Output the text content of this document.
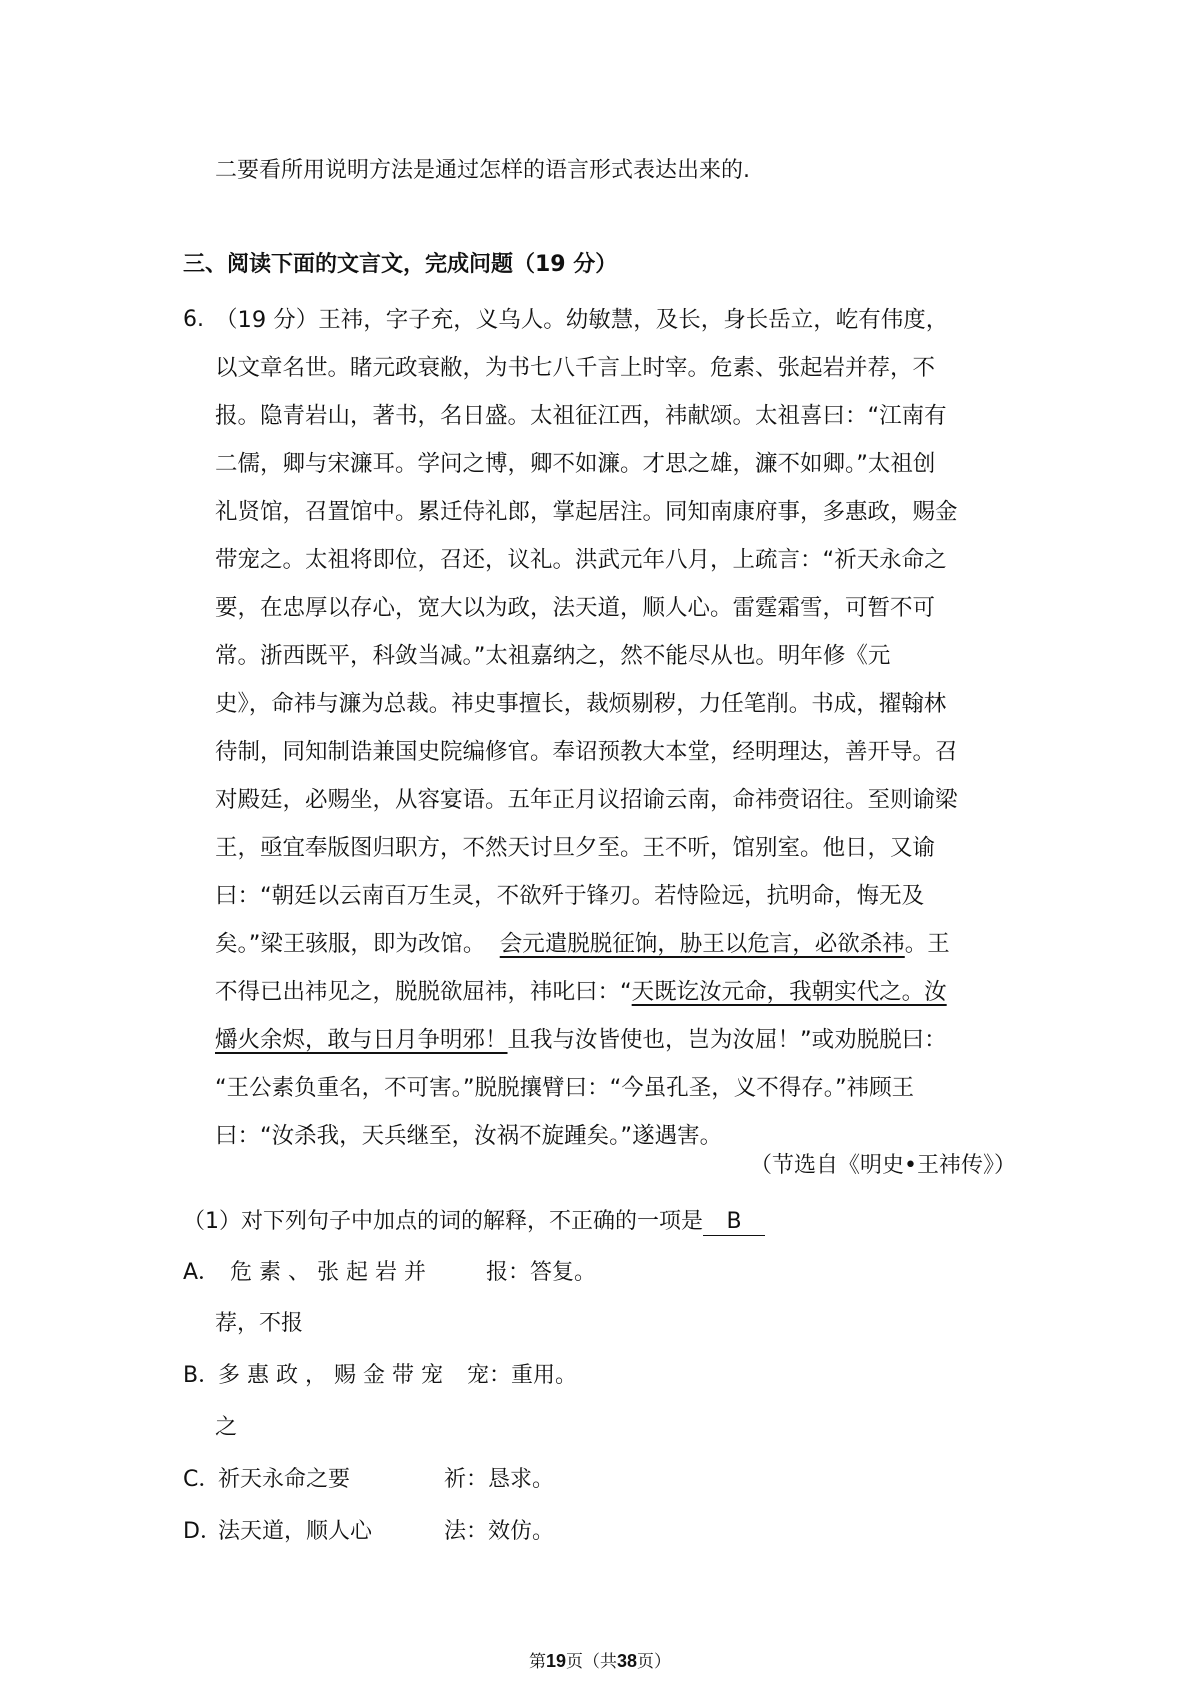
二要看所用说明方法是通过怎样的语言形式表达出来的.
三、阅读下面的文言文，完成问题（19 分）
6. （19 分）王祎，字子充，义乌人。幼敏慧，及长，身长岳立，屹有伟度，
以文章名世。睹元政衰敝，为书七八千言上时宰。危素、张起岩并荐，不
报。隐青岩山，著书，名日盛。太祖征江西，祎献颂。太祖喜曰：“江南有
二儒，卿与宋濂耳。学问之博，卿不如濂。才思之雄，濂不如卿。”太祖创
礼贤馆，召置馆中。累迁侍礼郎，掌起居注。同知南康府事，多惠政，赐金
带宠之。太祖将即位，召还，议礼。洪武元年八月，上疏言：“祈天永命之
要，在忠厚以存心，宽大以为政，法天道，顺人心。雷霆霜雪，可暂不可
常。浙西既平，科敛当减。”太祖嘉纳之，然不能尽从也。明年修《元
史》，命祎与濂为总裁。祎史事擅长，裁烦剔秽，力任笔削。书成，擢翰林
待制，同知制诰兼国史院编修官。奉诏预教大本堂，经明理达，善开导。召
对殿廷，必赐坐，从容宴语。五年正月议招谕云南，命祎赍诏往。至则谕梁
王，亟宜奉版图归职方，不然天讨旦夕至。王不听，馆别室。他日，又谕
曰：“朝廷以云南百万生灵，不欲歼于锋刃。若恃险远，抗明命，悔无及
矣。”梁王骇服，即为改馆。 会元遣脱脱征饷，胁王以危言，必欲杀祎。王
不得已出祎见之，脱脱欲屈祎，祎叱曰：“天既讫汝元命，我朝实代之。汝
爝火余烬，敢与日月争明邪！且我与汝皆使也，岂为汝屈！”或劝脱脱曰：
“王公素负重名，不可害。”脱脱攘臂曰：“今虽孔圣，义不得存。”祎顾王
曰：“汝杀我，天兵继至，汝祸不旋踵矣。”遂遇害。
（节选自《明史•王祎传》）
（1）对下列句子中加点的词的解释，不正确的一项是 B
A． 危 素 、 张 起 岩 并	报：答复。
荐，不报
B．
多 惠 政 ， 赐 金 带 宠 宠：重用。
之
C．
祈天永命之要	祈：恳求。
D．
法天道，顺人心	法：效仿。
第19页（共38页）
